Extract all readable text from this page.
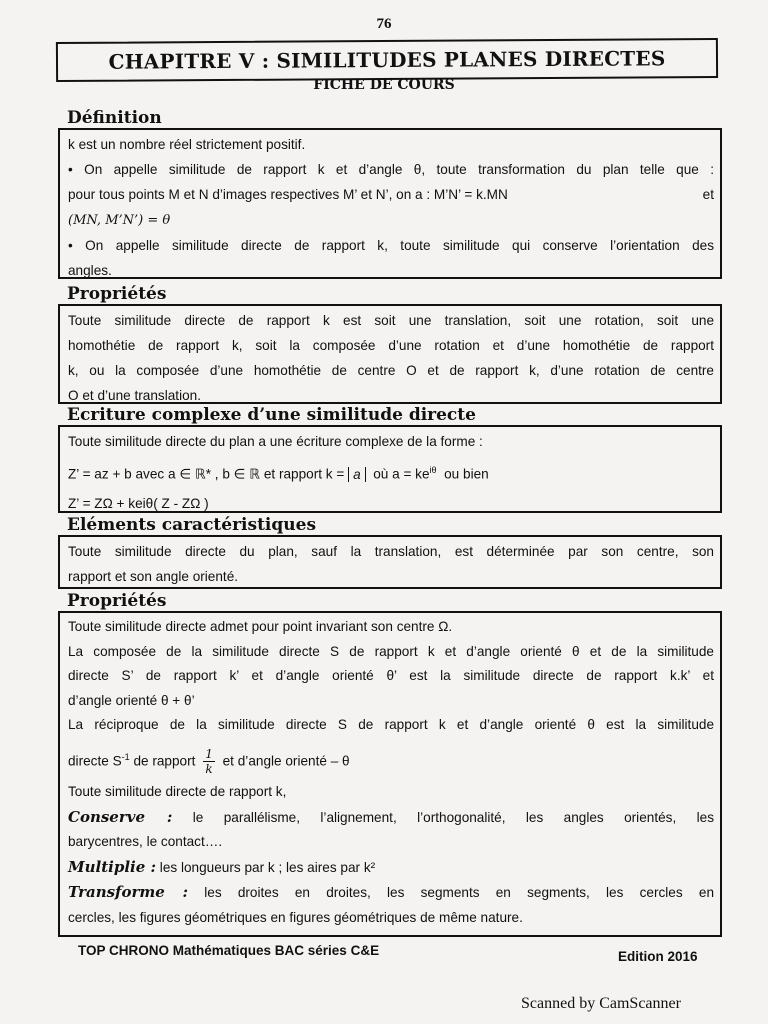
76
CHAPITRE V : SIMILITUDES PLANES DIRECTES
FICHE DE COURS
Définition

k est un nombre réel strictement positif.

• On appelle similitude de rapport k et d’angle θ, toute transformation du plan telle que :

pour tous points M et N d’images respectives M’ et N’, on a : M’N’ = k.MN	et

(MN, M’N’) = θ

• On appelle similitude directe de rapport k, toute similitude qui conserve l’orientation des

angles.

Propriétés

Toute similitude directe de rapport k est soit une translation, soit une rotation, soit une

homothétie de rapport k, soit la composée d’une rotation et d’une homothétie de rapport

k, ou la composée d’une homothétie de centre O et de rapport k, d’une rotation de centre

O et d’une translation.

Ecriture complexe d’une similitude directe

Toute similitude directe du plan a une écriture complexe de la forme :

Z’ = az + b avec a ∈ ℝ* , b ∈ ℝ et rapport k = a où $a = ke^{i\theta}$ ou bien

Z’ = ZΩ + keiθ( Z - ZΩ )

Eléments caractéristiques

Toute similitude directe du plan, sauf la translation, est déterminée par son centre, son

rapport et son angle orienté.

Propriétés

Toute similitude directe admet pour point invariant son centre Ω.

La composée de la similitude directe S de rapport k et d’angle orienté θ et de la similitude

directe S’ de rapport k’ et d’angle orienté θ’ est la similitude directe de rapport k.k’ et

d’angle orienté θ + θ’

La réciproque de la similitude directe S de rapport k et d’angle orienté θ est la similitude

directe $S^{-1}$ de rapport $\frac{1}{k}$ et d’angle orienté – θ

Toute similitude directe de rapport k,

Conserve : le parallélisme, l’alignement, l’orthogonalité, les angles orientés, les

barycentres, le contact….

Multiplie : les longueurs par k ; les aires par k²

Transforme : les droites en droites, les segments en segments, les cercles en

cercles, les figures géométriques en figures géométriques de même nature.

TOP CHRONO Mathématiques BAC séries C&E	Edition 2016
Scanned by CamScanner
